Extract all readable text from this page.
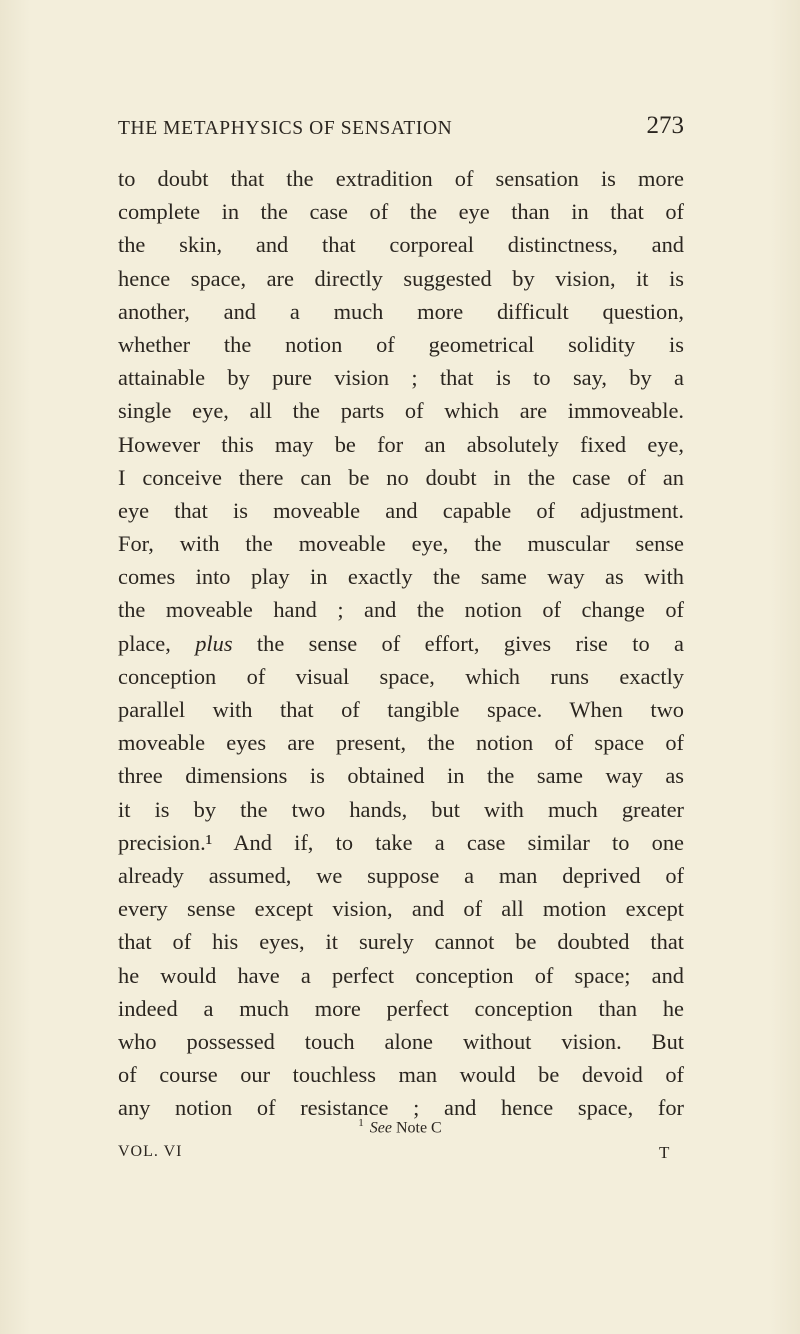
THE METAPHYSICS OF SENSATION	273
to doubt that the extradition of sensation is more
complete in the case of the eye than in that of
the skin, and that corporeal distinctness, and
hence space, are directly suggested by vision, it is
another, and a much more difficult question,
whether the notion of geometrical solidity is
attainable by pure vision ; that is to say, by a
single eye, all the parts of which are immoveable.
However this may be for an absolutely fixed eye,
I conceive there can be no doubt in the case of an
eye that is moveable and capable of adjustment.
For, with the moveable eye, the muscular sense
comes into play in exactly the same way as with
the moveable hand ; and the notion of change of
place, plus the sense of effort, gives rise to a
conception of visual space, which runs exactly
parallel with that of tangible space. When two
moveable eyes are present, the notion of space of
three dimensions is obtained in the same way as
it is by the two hands, but with much greater
precision.¹ And if, to take a case similar to one
already assumed, we suppose a man deprived of
every sense except vision, and of all motion except
that of his eyes, it surely cannot be doubted that
he would have a perfect conception of space; and
indeed a much more perfect conception than he
who possessed touch alone without vision. But
of course our touchless man would be devoid of
any notion of resistance ; and hence space, for
$^1$ See Note C
VOL. VI	T
